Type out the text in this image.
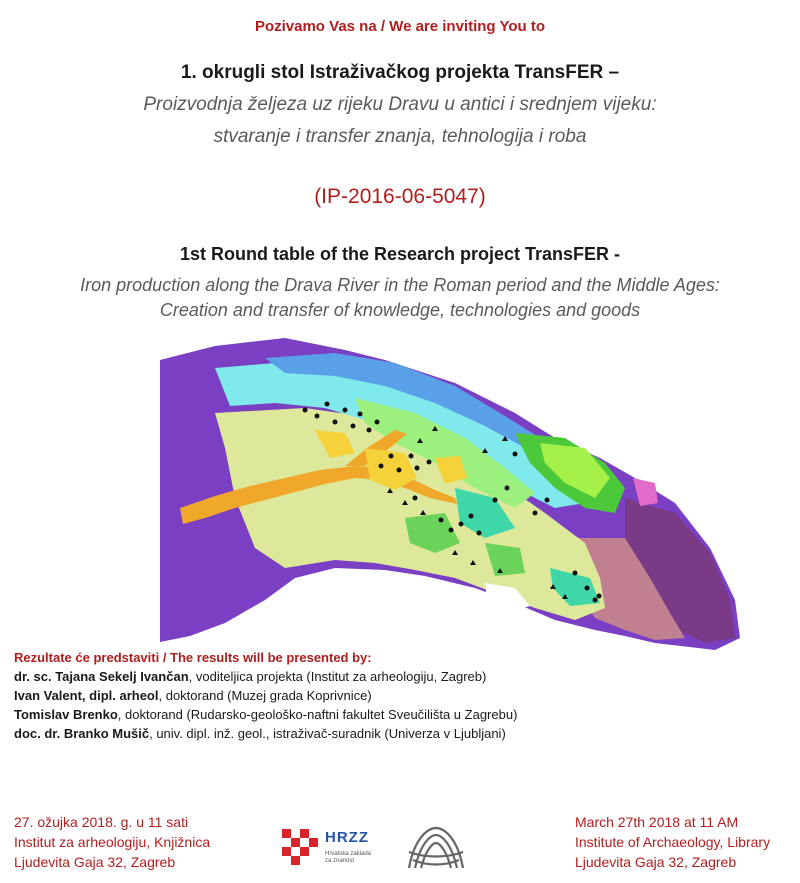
Pozivamo Vas na / We are inviting You to
1. okrugli stol Istraživačkog projekta TransFER –
Proizvodnja željeza uz rijeku Dravu u antici i srednjem vijeku:
stvaranje i transfer znanja, tehnologija i roba
(IP-2016-06-5047)
1st Round table of the Research project TransFER -
Iron production along the Drava River in the Roman period and the Middle Ages:
Creation and transfer of knowledge, technologies and goods
Rezultate će predstaviti / The results will be presented by:
dr. sc. Tajana Sekelj Ivančan, voditeljica projekta (Institut za arheologiju, Zagreb)
Ivan Valent, dipl. arheol, doktorand (Muzej grada Koprivnice)
Tomislav Brenko, doktorand (Rudarsko-geološko-naftni fakultet Sveučilišta u Zagrebu)
doc. dr. Branko Mušič, univ. dipl. inž. geol., istraživač-suradnik (Univerza v Ljubljani)
27. ožujka 2018. g. u 11 sati
Institut za arheologiju, Knjižnica
Ljudevita Gaja 32, Zagreb
HRZZ
Hrvatska zaklada
za znanost
March 27th 2018 at 11 AM
Institute of Archaeology, Library
Ljudevita Gaja 32, Zagreb
